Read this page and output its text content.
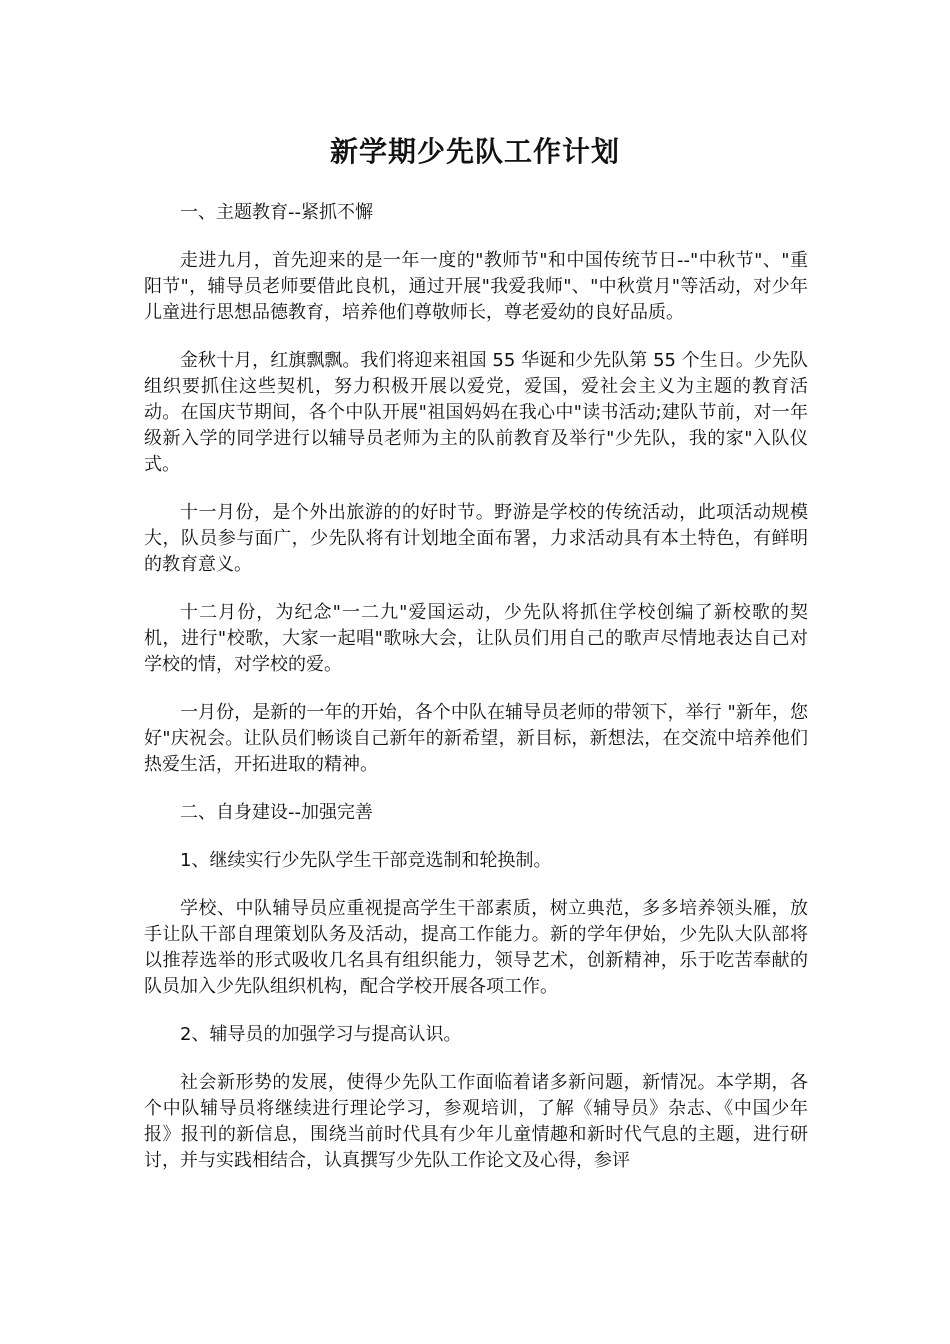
新学期少先队工作计划

一、主题教育--紧抓不懈

走进九月，首先迎来的是一年一度的"教师节"和中国传统节日--"中秋节"、"重阳节"，辅导员老师要借此良机，通过开展"我爱我师"、"中秋赏月"等活动，对少年儿童进行思想品德教育，培养他们尊敬师长，尊老爱幼的良好品质。

金秋十月，红旗飘飘。我们将迎来祖国 55 华诞和少先队第 55 个生日。少先队组织要抓住这些契机，努力积极开展以爱党，爱国，爱社会主义为主题的教育活动。在国庆节期间，各个中队开展"祖国妈妈在我心中"读书活动;建队节前，对一年级新入学的同学进行以辅导员老师为主的队前教育及举行"少先队，我的家"入队仪式。

十一月份，是个外出旅游的的好时节。野游是学校的传统活动，此项活动规模大，队员参与面广，少先队将有计划地全面布署，力求活动具有本土特色，有鲜明的教育意义。

十二月份，为纪念"一二九"爱国运动，少先队将抓住学校创编了新校歌的契机，进行"校歌，大家一起唱"歌咏大会，让队员们用自己的歌声尽情地表达自己对学校的情，对学校的爱。

一月份，是新的一年的开始，各个中队在辅导员老师的带领下，举行 "新年，您好"庆祝会。让队员们畅谈自己新年的新希望，新目标，新想法，在交流中培养他们热爱生活，开拓进取的精神。

二、自身建设--加强完善

1、继续实行少先队学生干部竞选制和轮换制。

学校、中队辅导员应重视提高学生干部素质，树立典范，多多培养领头雁，放手让队干部自理策划队务及活动，提高工作能力。新的学年伊始，少先队大队部将以推荐选举的形式吸收几名具有组织能力，领导艺术，创新精神，乐于吃苦奉献的队员加入少先队组织机构，配合学校开展各项工作。

2、辅导员的加强学习与提高认识。

社会新形势的发展，使得少先队工作面临着诸多新问题，新情况。本学期，各个中队辅导员将继续进行理论学习，参观培训，了解《辅导员》杂志、《中国少年报》报刊的新信息，围绕当前时代具有少年儿童情趣和新时代气息的主题，进行研讨，并与实践相结合，认真撰写少先队工作论文及心得，参评
